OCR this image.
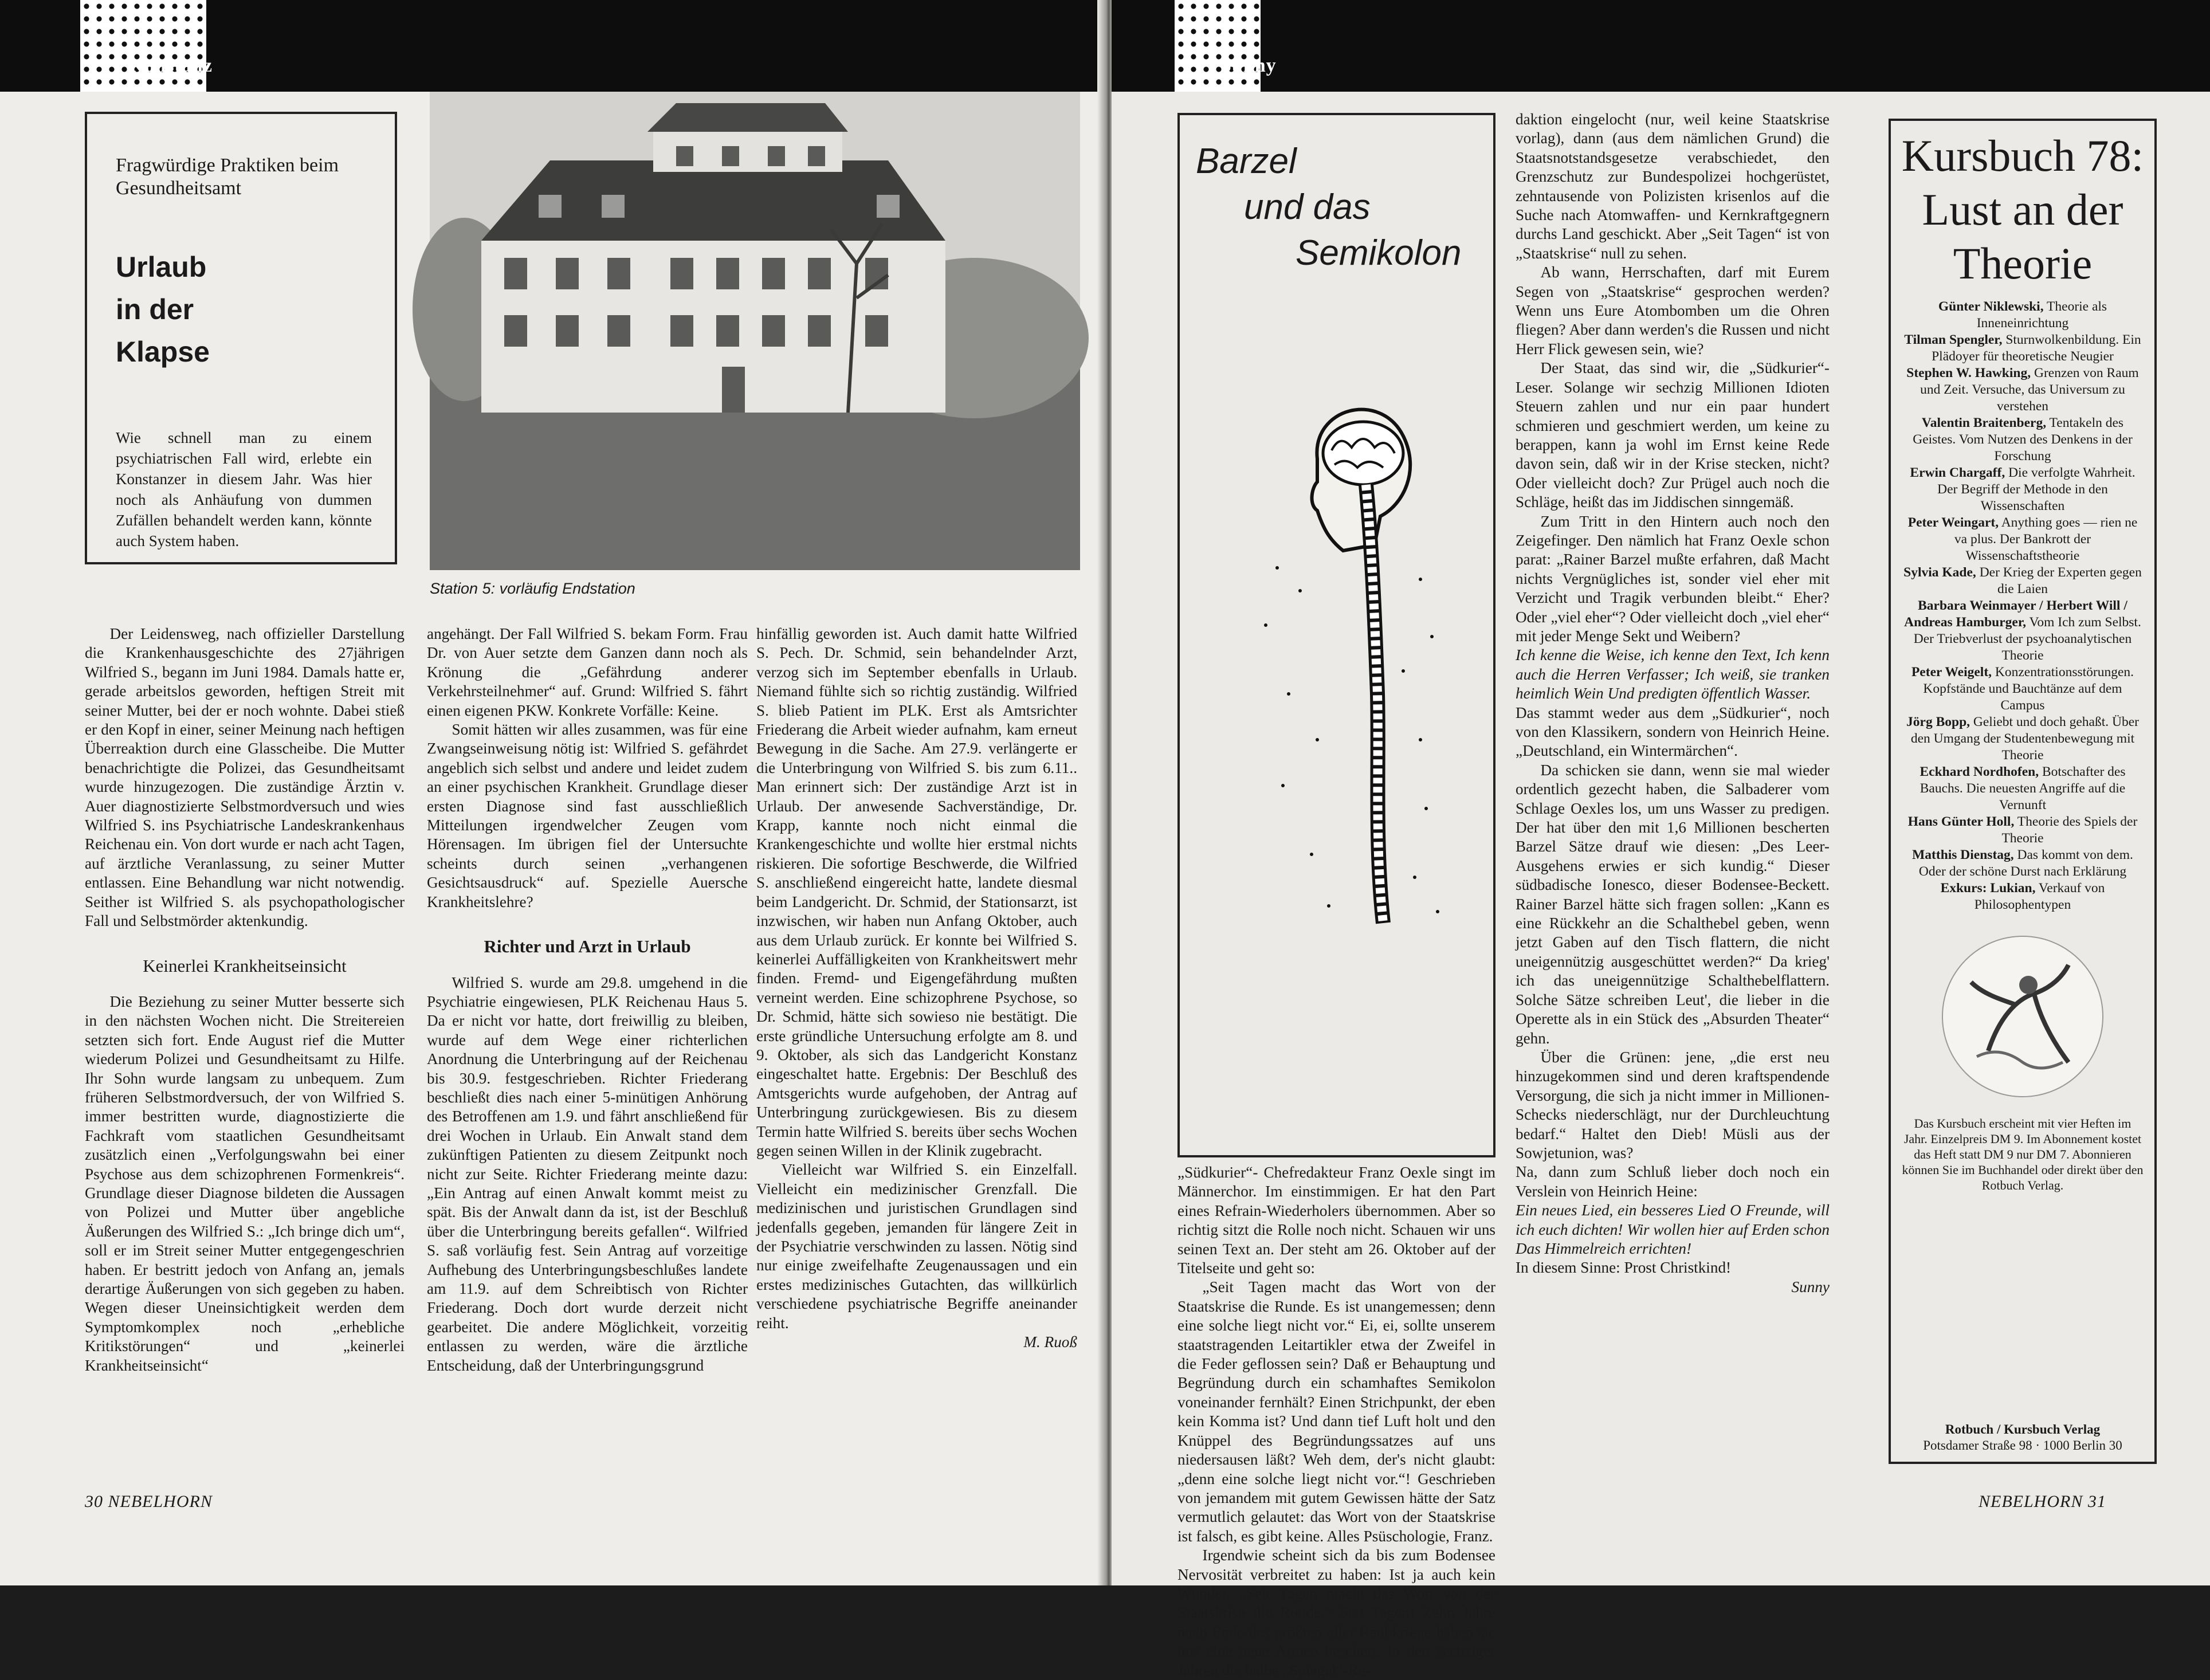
Konstanz
Fragwürdige Praktiken beim Gesundheitsamt
Urlaub
in der
Klapse
Wie schnell man zu einem psychiatrischen Fall wird, erlebte ein Konstanzer in diesem Jahr. Was hier noch als Anhäufung von dummen Zufällen behandelt werden kann, könnte auch System haben.
Station 5: vorläufig Endstation

Der Leidensweg, nach offizieller Darstellung die Krankenhausgeschichte des 27jährigen Wilfried S., begann im Juni 1984. Damals hatte er, gerade arbeitslos geworden, heftigen Streit mit seiner Mutter, bei der er noch wohnte. Dabei stieß er den Kopf in einer, seiner Meinung nach heftigen Überreaktion durch eine Glasscheibe. Die Mutter benachrichtigte die Polizei, das Gesundheitsamt wurde hinzugezogen. Die zuständige Ärztin v. Auer diagnostizierte Selbstmordversuch und wies Wilfried S. ins Psychiatrische Landeskrankenhaus Reichenau ein. Von dort wurde er nach acht Tagen, auf ärztliche Veranlassung, zu seiner Mutter entlassen. Eine Behandlung war nicht notwendig. Seither ist Wilfried S. als psychopathologischer Fall und Selbstmörder aktenkundig.

Keinerlei Krankheitseinsicht

Die Beziehung zu seiner Mutter besserte sich in den nächsten Wochen nicht. Die Streitereien setzten sich fort. Ende August rief die Mutter wiederum Polizei und Gesundheitsamt zu Hilfe. Ihr Sohn wurde langsam zu unbequem. Zum früheren Selbstmordversuch, der von Wilfried S. immer bestritten wurde, diagnostizierte die Fachkraft vom staatlichen Gesundheitsamt zusätzlich einen „Verfolgungswahn bei einer Psychose aus dem schizophrenen Formenkreis“. Grundlage dieser Diagnose bildeten die Aussagen von Polizei und Mutter über angebliche Äußerungen des Wilfried S.: „Ich bringe dich um“, soll er im Streit seiner Mutter entgegengeschrien haben. Er bestritt jedoch von Anfang an, jemals derartige Äußerungen von sich gegeben zu haben. Wegen dieser Uneinsichtigkeit werden dem Symptomkomplex noch „erhebliche Kritikstörungen“ und „keinerlei Krankheitseinsicht“

angehängt. Der Fall Wilfried S. bekam Form. Frau Dr. von Auer setzte dem Ganzen dann noch als Krönung die „Gefährdung anderer Verkehrsteilnehmer“ auf. Grund: Wilfried S. fährt einen eigenen PKW. Konkrete Vorfälle: Keine.

Somit hätten wir alles zusammen, was für eine Zwangseinweisung nötig ist: Wilfried S. gefährdet angeblich sich selbst und andere und leidet zudem an einer psychischen Krankheit. Grundlage dieser ersten Diagnose sind fast ausschließlich Mitteilungen irgendwelcher Zeugen vom Hörensagen. Im übrigen fiel der Untersuchte scheints durch seinen „verhangenen Gesichtsausdruck“ auf. Spezielle Auersche Krankheitslehre?

Richter und Arzt in Urlaub

Wilfried S. wurde am 29.8. umgehend in die Psychiatrie eingewiesen, PLK Reichenau Haus 5. Da er nicht vor hatte, dort freiwillig zu bleiben, wurde auf dem Wege einer richterlichen Anordnung die Unterbringung auf der Reichenau bis 30.9. festgeschrieben. Richter Friederang beschließt dies nach einer 5-minütigen Anhörung des Betroffenen am 1.9. und fährt anschließend für drei Wochen in Urlaub. Ein Anwalt stand dem zukünftigen Patienten zu diesem Zeitpunkt noch nicht zur Seite. Richter Friederang meinte dazu: „Ein Antrag auf einen Anwalt kommt meist zu spät. Bis der Anwalt dann da ist, ist der Beschluß über die Unterbringung bereits gefallen“. Wilfried S. saß vorläufig fest. Sein Antrag auf vorzeitige Aufhebung des Unterbringungsbeschlußes landete am 11.9. auf dem Schreibtisch von Richter Friederang. Doch dort wurde derzeit nicht gearbeitet. Die andere Möglichkeit, vorzeitig entlassen zu werden, wäre die ärztliche Entscheidung, daß der Unterbringungsgrund

hinfällig geworden ist. Auch damit hatte Wilfried S. Pech. Dr. Schmid, sein behandelnder Arzt, verzog sich im September ebenfalls in Urlaub. Niemand fühlte sich so richtig zuständig. Wilfried S. blieb Patient im PLK. Erst als Amtsrichter Friederang die Arbeit wieder aufnahm, kam erneut Bewegung in die Sache. Am 27.9. verlängerte er die Unterbringung von Wilfried S. bis zum 6.11.. Man erinnert sich: Der zuständige Arzt ist in Urlaub. Der anwesende Sachverständige, Dr. Krapp, kannte noch nicht einmal die Krankengeschichte und wollte hier erstmal nichts riskieren. Die sofortige Beschwerde, die Wilfried S. anschließend eingereicht hatte, landete diesmal beim Landgericht. Dr. Schmid, der Stationsarzt, ist inzwischen, wir haben nun Anfang Oktober, auch aus dem Urlaub zurück. Er konnte bei Wilfried S. keinerlei Auffälligkeiten von Krankheitswert mehr finden. Fremd- und Eigengefährdung mußten verneint werden. Eine schizophrene Psychose, so Dr. Schmid, hätte sich sowieso nie bestätigt. Die erste gründliche Untersuchung erfolgte am 8. und 9. Oktober, als sich das Landgericht Konstanz eingeschaltet hatte. Ergebnis: Der Beschluß des Amtsgerichts wurde aufgehoben, der Antrag auf Unterbringung zurückgewiesen. Bis zu diesem Termin hatte Wilfried S. bereits über sechs Wochen gegen seinen Willen in der Klinik zugebracht.

Vielleicht war Wilfried S. ein Einzelfall. Vielleicht ein medizinischer Grenzfall. Die medizinischen und juristischen Grundlagen sind jedenfalls gegeben, jemanden für längere Zeit in der Psychiatrie verschwinden zu lassen. Nötig sind nur einige zweifelhafte Zeugenaussagen und ein erstes medizinisches Gutachten, das willkürlich verschiedene psychiatrische Begriffe aneinander reiht.

M. Ruoß
30 NEBELHORN
Sunny
Barzel
und das
Semikolon

„Südkurier“- Chefredakteur Franz Oexle singt im Männerchor. Im einstimmigen. Er hat den Part eines Refrain-Wiederholers übernommen. Aber so richtig sitzt die Rolle noch nicht. Schauen wir uns seinen Text an. Der steht am 26. Oktober auf der Titelseite und geht so:

„Seit Tagen macht das Wort von der Staatskrise die Runde. Es ist unangemessen; denn eine solche liegt nicht vor.“ Ei, ei, sollte unserem staatstragenden Leitartikler etwa der Zweifel in die Feder geflossen sein? Daß er Behauptung und Begründung durch ein schamhaftes Semikolon voneinander fernhält? Einen Strichpunkt, der eben kein Komma ist? Und dann tief Luft holt und den Knüppel des Begründungssatzes auf uns niedersausen läßt? Weh dem, der's nicht glaubt: „denn eine solche liegt nicht vor.“! Geschrieben von jemandem mit gutem Gewissen hätte der Satz vermutlich gelautet: das Wort von der Staatskrise ist falsch, es gibt keine. Alles Psüschologie, Franz.

Irgendwie scheint sich da bis zum Bodensee Nervosität verbreitet zu haben: Ist ja auch kein Wunder. „Seit Tagen macht das Wort von der Staatskrise die Runde.“ Seit Tagen! Zehn Jahre nach Ende des größten aller Raubkriege haben sie uns eine neue Armee beschert, in den sechziger Jahren die halbe „Spiegel“-Re-

daktion eingelocht (nur, weil keine Staatskrise vorlag), dann (aus dem nämlichen Grund) die Staatsnotstandsgesetze verabschiedet, den Grenzschutz zur Bundespolizei hochgerüstet, zehntausende von Polizisten krisenlos auf die Suche nach Atomwaffen- und Kernkraftgegnern durchs Land geschickt. Aber „Seit Tagen“ ist von „Staatskrise“ null zu sehen.

Ab wann, Herrschaften, darf mit Eurem Segen von „Staatskrise“ gesprochen werden? Wenn uns Eure Atombomben um die Ohren fliegen? Aber dann werden's die Russen und nicht Herr Flick gewesen sein, wie?

Der Staat, das sind wir, die „Südkurier“-Leser. Solange wir sechzig Millionen Idioten Steuern zahlen und nur ein paar hundert schmieren und geschmiert werden, um keine zu berappen, kann ja wohl im Ernst keine Rede davon sein, daß wir in der Krise stecken, nicht? Oder vielleicht doch? Zur Prügel auch noch die Schläge, heißt das im Jiddischen sinngemäß.

Zum Tritt in den Hintern auch noch den Zeigefinger. Den nämlich hat Franz Oexle schon parat: „Rainer Barzel mußte erfahren, daß Macht nichts Vergnügliches ist, sonder viel eher mit Verzicht und Tragik verbunden bleibt.“ Eher? Oder „viel eher“? Oder vielleicht doch „viel eher“ mit jeder Menge Sekt und Weibern?

Ich kenne die Weise, ich kenne den Text, Ich kenn auch die Herren Verfasser; Ich weiß, sie tranken heimlich Wein Und predigten öffentlich Wasser.

Das stammt weder aus dem „Südkurier“, noch von den Klassikern, sondern von Heinrich Heine. „Deutschland, ein Wintermärchen“.

Da schicken sie dann, wenn sie mal wieder ordentlich gezecht haben, die Salbaderer vom Schlage Oexles los, um uns Wasser zu predigen. Der hat über den mit 1,6 Millionen bescherten Barzel Sätze drauf wie diesen: „Des Leer-Ausgehens erwies er sich kundig.“ Dieser südbadische Ionesco, dieser Bodensee-Beckett. Rainer Barzel hätte sich fragen sollen: „Kann es eine Rückkehr an die Schalthebel geben, wenn jetzt Gaben auf den Tisch flattern, die nicht uneigennützig ausgeschüttet werden?“ Da krieg' ich das uneigennützige Schalthebelflattern. Solche Sätze schreiben Leut', die lieber in die Operette als in ein Stück des „Absurden Theater“ gehn.

Über die Grünen: jene, „die erst neu hinzugekommen sind und deren kraftspendende Versorgung, die sich ja nicht immer in Millionen-Schecks niederschlägt, nur der Durchleuchtung bedarf.“ Haltet den Dieb! Müsli aus der Sowjetunion, was?

Na, dann zum Schluß lieber doch noch ein Verslein von Heinrich Heine:

Ein neues Lied, ein besseres Lied O Freunde, will ich euch dichten! Wir wollen hier auf Erden schon Das Himmelreich errichten!

In diesem Sinne: Prost Christkind!

Sunny
Kursbuch 78:
Lust an der
Theorie
Günter Niklewski, Theorie als Inneneinrichtung
Tilman Spengler, Sturnwolkenbildung. Ein Plädoyer für theoretische Neugier
Stephen W. Hawking, Grenzen von Raum und Zeit. Versuche, das Universum zu verstehen
Valentin Braitenberg, Tentakeln des Geistes. Vom Nutzen des Denkens in der Forschung
Erwin Chargaff, Die verfolgte Wahrheit. Der Begriff der Methode in den Wissenschaften
Peter Weingart, Anything goes — rien ne va plus. Der Bankrott der Wissenschaftstheorie
Sylvia Kade, Der Krieg der Experten gegen die Laien
Barbara Weinmayer / Herbert Will / Andreas Hamburger, Vom Ich zum Selbst. Der Triebverlust der psychoanalytischen Theorie
Peter Weigelt, Konzentrationsstörungen. Kopfstände und Bauchtänze auf dem Campus
Jörg Bopp, Geliebt und doch gehaßt. Über den Umgang der Studentenbewegung mit Theorie
Eckhard Nordhofen, Botschafter des Bauchs. Die neuesten Angriffe auf die Vernunft
Hans Günter Holl, Theorie des Spiels der Theorie
Matthis Dienstag, Das kommt von dem. Oder der schöne Durst nach Erklärung
Exkurs: Lukian, Verkauf von Philosophentypen
Das Kursbuch erscheint mit vier Heften im Jahr. Einzelpreis DM 9. Im Abonnement kostet das Heft statt DM 9 nur DM 7. Abonnieren können Sie im Buchhandel oder direkt über den Rotbuch Verlag.
Rotbuch / Kursbuch Verlag
Potsdamer Straße 98 · 1000 Berlin 30
NEBELHORN 31
